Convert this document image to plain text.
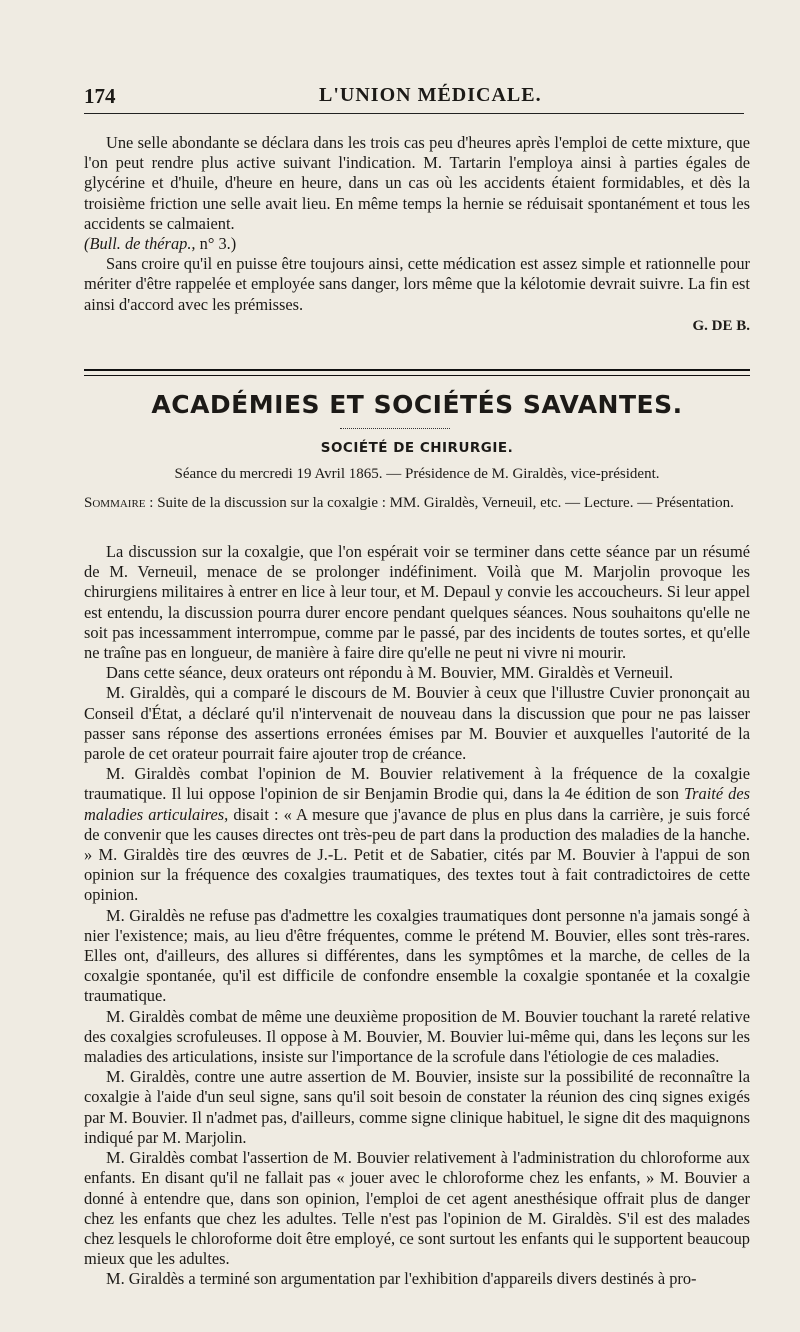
174	L'UNION MÉDICALE.

Une selle abondante se déclara dans les trois cas peu d'heures après l'emploi de cette mixture, que l'on peut rendre plus active suivant l'indication. M. Tartarin l'employa ainsi à parties égales de glycérine et d'huile, d'heure en heure, dans un cas où les accidents étaient formidables, et dès la troisième friction une selle avait lieu. En même temps la hernie se réduisait spontanément et tous les accidents se calmaient.

(Bull. de thérap., n° 3.)

Sans croire qu'il en puisse être toujours ainsi, cette médication est assez simple et rationnelle pour mériter d'être rappelée et employée sans danger, lors même que la kélotomie devrait suivre. La fin est ainsi d'accord avec les prémisses.

G. DE B.

ACADÉMIES ET SOCIÉTÉS SAVANTES.
SOCIÉTÉ DE CHIRURGIE.
Séance du mercredi 19 Avril 1865. — Présidence de M. Giraldès, vice-président.
Sommaire : Suite de la discussion sur la coxalgie : MM. Giraldès, Verneuil, etc. — Lecture. — Présentation.

La discussion sur la coxalgie, que l'on espérait voir se terminer dans cette séance par un résumé de M. Verneuil, menace de se prolonger indéfiniment. Voilà que M. Marjolin provoque les chirurgiens militaires à entrer en lice à leur tour, et M. Depaul y convie les accoucheurs. Si leur appel est entendu, la discussion pourra durer encore pendant quelques séances. Nous souhaitons qu'elle ne soit pas incessamment interrompue, comme par le passé, par des incidents de toutes sortes, et qu'elle ne traîne pas en longueur, de manière à faire dire qu'elle ne peut ni vivre ni mourir.

Dans cette séance, deux orateurs ont répondu à M. Bouvier, MM. Giraldès et Verneuil.

M. Giraldès, qui a comparé le discours de M. Bouvier à ceux que l'illustre Cuvier prononçait au Conseil d'État, a déclaré qu'il n'intervenait de nouveau dans la discussion que pour ne pas laisser passer sans réponse des assertions erronées émises par M. Bouvier et auxquelles l'autorité de la parole de cet orateur pourrait faire ajouter trop de créance.

M. Giraldès combat l'opinion de M. Bouvier relativement à la fréquence de la coxalgie traumatique. Il lui oppose l'opinion de sir Benjamin Brodie qui, dans la 4e édition de son Traité des maladies articulaires, disait : « A mesure que j'avance de plus en plus dans la carrière, je suis forcé de convenir que les causes directes ont très-peu de part dans la production des maladies de la hanche. » M. Giraldès tire des œuvres de J.-L. Petit et de Sabatier, cités par M. Bouvier à l'appui de son opinion sur la fréquence des coxalgies traumatiques, des textes tout à fait contradictoires de cette opinion.

M. Giraldès ne refuse pas d'admettre les coxalgies traumatiques dont personne n'a jamais songé à nier l'existence; mais, au lieu d'être fréquentes, comme le prétend M. Bouvier, elles sont très-rares. Elles ont, d'ailleurs, des allures si différentes, dans les symptômes et la marche, de celles de la coxalgie spontanée, qu'il est difficile de confondre ensemble la coxalgie spontanée et la coxalgie traumatique.

M. Giraldès combat de même une deuxième proposition de M. Bouvier touchant la rareté relative des coxalgies scrofuleuses. Il oppose à M. Bouvier, M. Bouvier lui-même qui, dans les leçons sur les maladies des articulations, insiste sur l'importance de la scrofule dans l'étiologie de ces maladies.

M. Giraldès, contre une autre assertion de M. Bouvier, insiste sur la possibilité de reconnaître la coxalgie à l'aide d'un seul signe, sans qu'il soit besoin de constater la réunion des cinq signes exigés par M. Bouvier. Il n'admet pas, d'ailleurs, comme signe clinique habituel, le signe dit des maquignons indiqué par M. Marjolin.

M. Giraldès combat l'assertion de M. Bouvier relativement à l'administration du chloroforme aux enfants. En disant qu'il ne fallait pas « jouer avec le chloroforme chez les enfants, » M. Bouvier a donné à entendre que, dans son opinion, l'emploi de cet agent anesthésique offrait plus de danger chez les enfants que chez les adultes. Telle n'est pas l'opinion de M. Giraldès. S'il est des malades chez lesquels le chloroforme doit être employé, ce sont surtout les enfants qui le supportent beaucoup mieux que les adultes.

M. Giraldès a terminé son argumentation par l'exhibition d'appareils divers destinés à pro-
